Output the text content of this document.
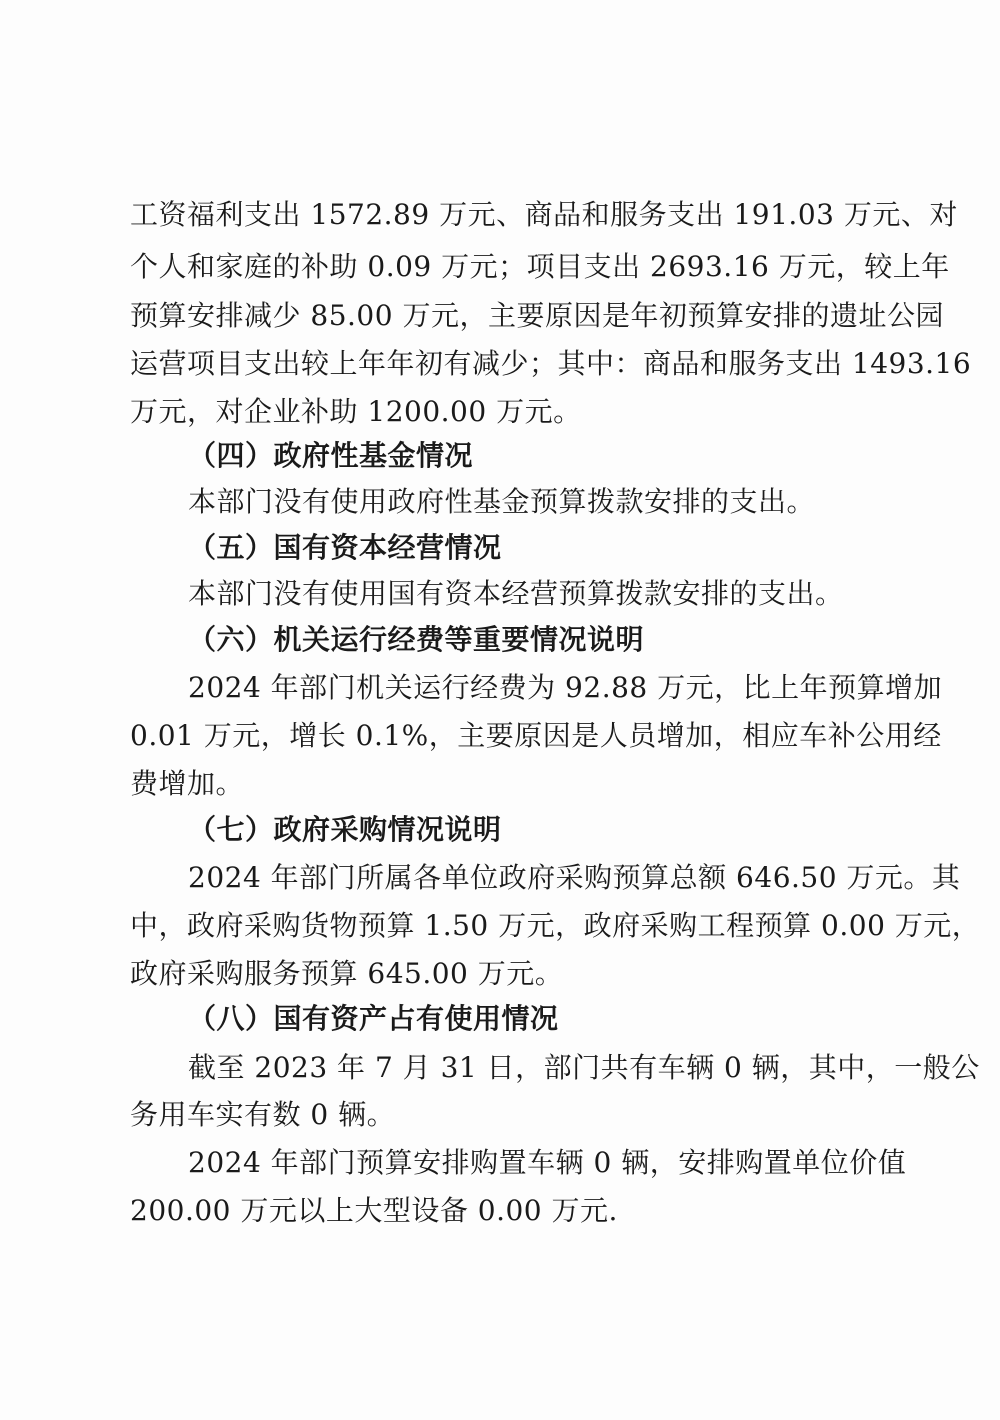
工资福利支出 1572.89 万元、商品和服务支出 191.03 万元、对
个人和家庭的补助 0.09 万元；项目支出 2693.16 万元，较上年
预算安排减少 85.00 万元，主要原因是年初预算安排的遗址公园
运营项目支出较上年年初有减少；其中：商品和服务支出 1493.16
万元，对企业补助 1200.00 万元。
（四）政府性基金情况
本部门没有使用政府性基金预算拨款安排的支出。
（五）国有资本经营情况
本部门没有使用国有资本经营预算拨款安排的支出。
（六）机关运行经费等重要情况说明
2024 年部门机关运行经费为 92.88 万元，比上年预算增加
0.01 万元，增长 0.1%，主要原因是人员增加，相应车补公用经
费增加。
（七）政府采购情况说明
2024 年部门所属各单位政府采购预算总额 646.50 万元。其
中，政府采购货物预算 1.50 万元，政府采购工程预算 0.00 万元，
政府采购服务预算 645.00 万元。
（八）国有资产占有使用情况
截至 2023 年 7 月 31 日，部门共有车辆 0 辆，其中，一般公
务用车实有数 0 辆。
2024 年部门预算安排购置车辆 0 辆，安排购置单位价值
200.00 万元以上大型设备 0.00 万元.
